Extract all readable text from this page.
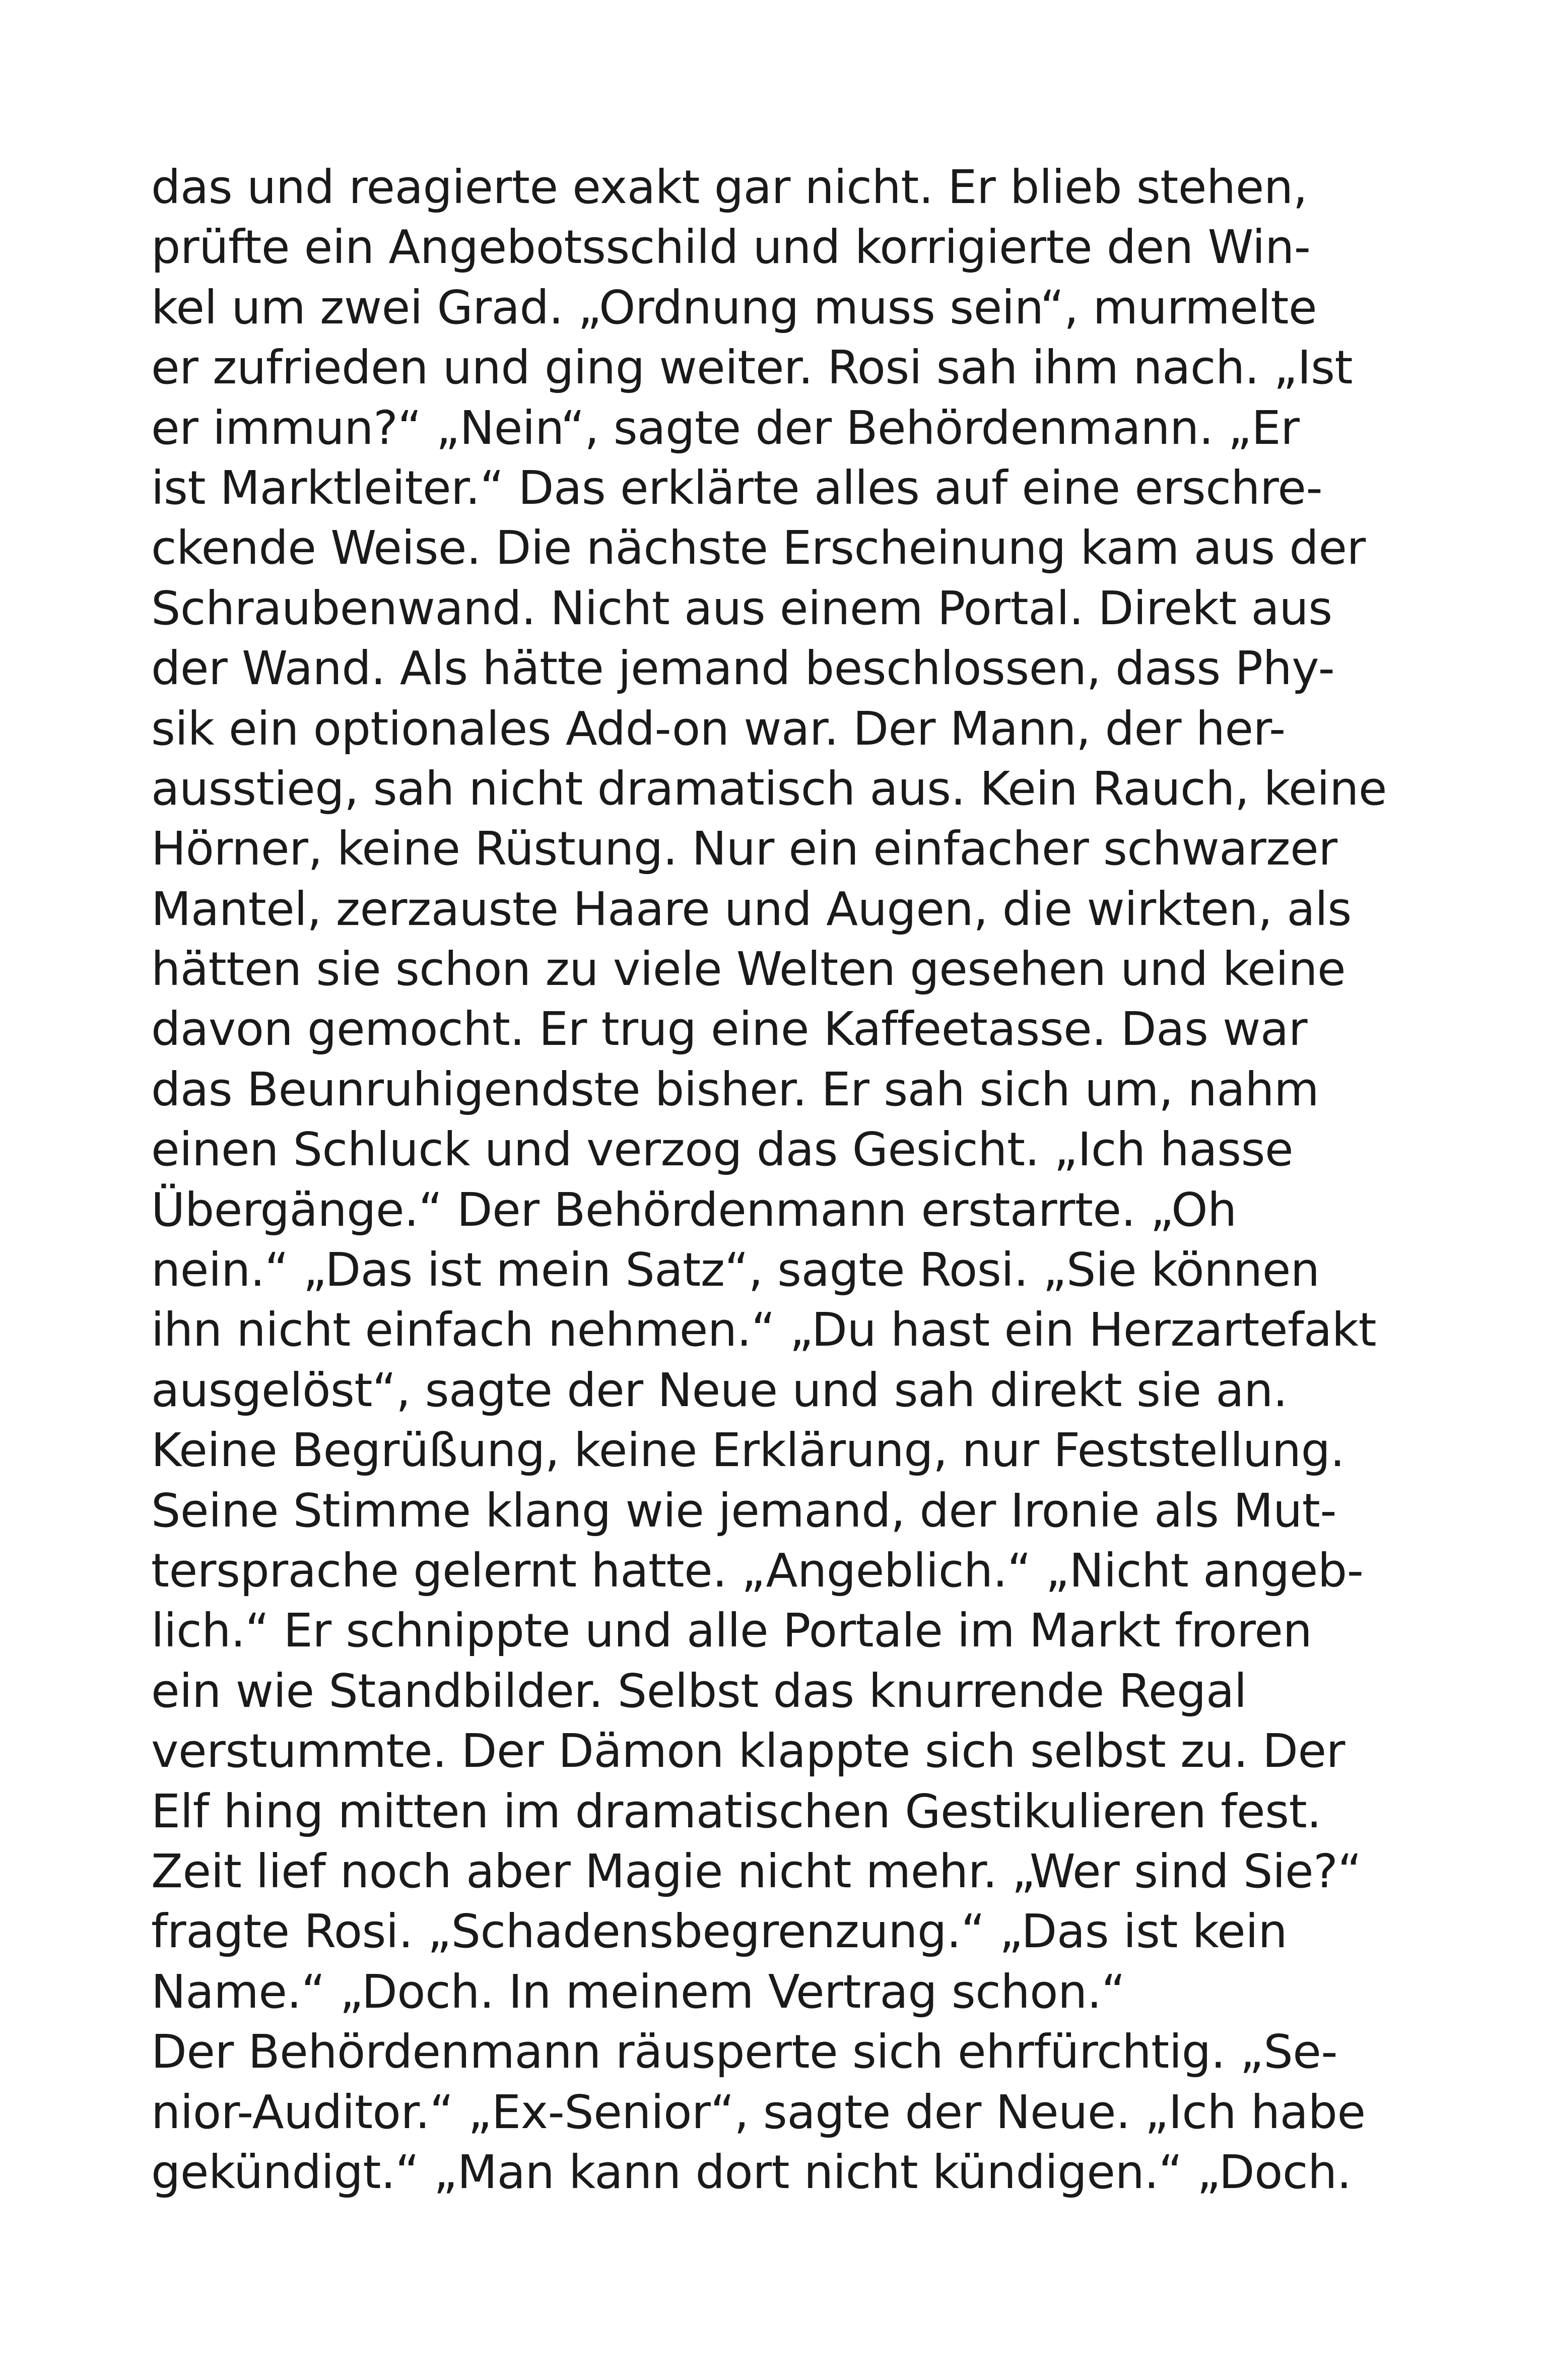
das und reagierte exakt gar nicht. Er blieb stehen,
prüfte ein Angebotsschild und korrigierte den Win-
kel um zwei Grad. „Ordnung muss sein“, murmelte
er zufrieden und ging weiter. Rosi sah ihm nach. „Ist
er immun?“ „Nein“, sagte der Behördenmann. „Er
ist Marktleiter.“ Das erklärte alles auf eine erschre-
ckende Weise. Die nächste Erscheinung kam aus der
Schraubenwand. Nicht aus einem Portal. Direkt aus
der Wand. Als hätte jemand beschlossen, dass Phy-
sik ein optionales Add-on war. Der Mann, der her-
ausstieg, sah nicht dramatisch aus. Kein Rauch, keine
Hörner, keine Rüstung. Nur ein einfacher schwarzer
Mantel, zerzauste Haare und Augen, die wirkten, als
hätten sie schon zu viele Welten gesehen und keine
davon gemocht. Er trug eine Kaffeetasse. Das war
das Beunruhigendste bisher. Er sah sich um, nahm
einen Schluck und verzog das Gesicht. „Ich hasse
Übergänge.“ Der Behördenmann erstarrte. „Oh
nein.“ „Das ist mein Satz“, sagte Rosi. „Sie können
ihn nicht einfach nehmen.“ „Du hast ein Herzartefakt
ausgelöst“, sagte der Neue und sah direkt sie an.
Keine Begrüßung, keine Erklärung, nur Feststellung.
Seine Stimme klang wie jemand, der Ironie als Mut-
tersprache gelernt hatte. „Angeblich.“ „Nicht angeb-
lich.“ Er schnippte und alle Portale im Markt froren
ein wie Standbilder. Selbst das knurrende Regal
verstummte. Der Dämon klappte sich selbst zu. Der
Elf hing mitten im dramatischen Gestikulieren fest.
Zeit lief noch aber Magie nicht mehr. „Wer sind Sie?“
fragte Rosi. „Schadensbegrenzung.“ „Das ist kein
Name.“ „Doch. In meinem Vertrag schon.“
Der Behördenmann räusperte sich ehrfürchtig. „Se-
nior-Auditor.“ „Ex-Senior“, sagte der Neue. „Ich habe
gekündigt.“ „Man kann dort nicht kündigen.“ „Doch.
